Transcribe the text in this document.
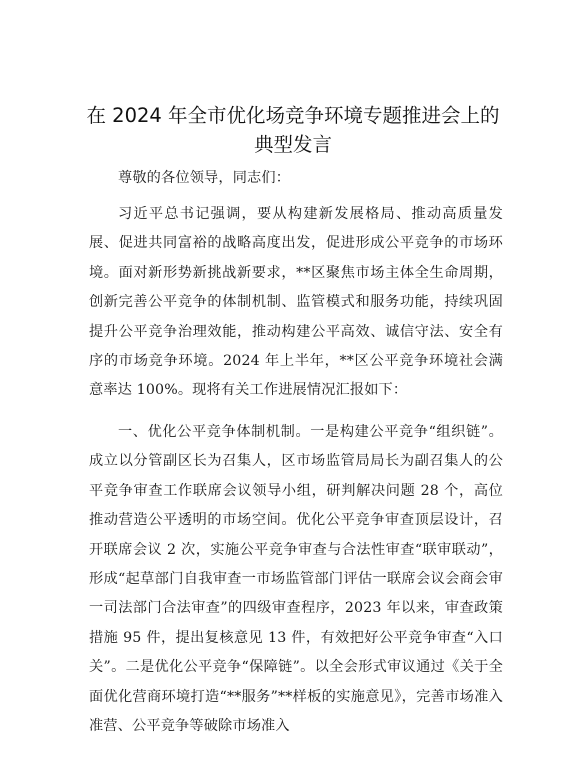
在 2024 年全市优化场竞争环境专题推进会上的
典型发言

尊敬的各位领导，同志们：

习近平总书记强调，要从构建新发展格局、推动高质量发展、促进共同富裕的战略高度出发，促进形成公平竞争的市场环境。面对新形势新挑战新要求，**区聚焦市场主体全生命周期，创新完善公平竞争的体制机制、监管模式和服务功能，持续巩固提升公平竞争治理效能，推动构建公平高效、诚信守法、安全有序的市场竞争环境。2024 年上半年，**区公平竞争环境社会满意率达 100%。现将有关工作进展情况汇报如下：

一、优化公平竞争体制机制。一是构建公平竞争“组织链”。成立以分管副区长为召集人，区市场监管局局长为副召集人的公平竞争审查工作联席会议领导小组，研判解决问题 28 个，高位推动营造公平透明的市场空间。优化公平竞争审查顶层设计，召开联席会议 2 次，实施公平竞争审查与合法性审查“联审联动”，形成“起草部门自我审查一市场监管部门评估一联席会议会商会审一司法部门合法审查”的四级审查程序，2023 年以来，审查政策措施 95 件，提出复核意见 13 件，有效把好公平竞争审查“入口关”。二是优化公平竞争“保障链”。以全会形式审议通过《关于全面优化营商环境打造“**服务”**样板的实施意见》，完善市场准入准营、公平竞争等破除市场准入
